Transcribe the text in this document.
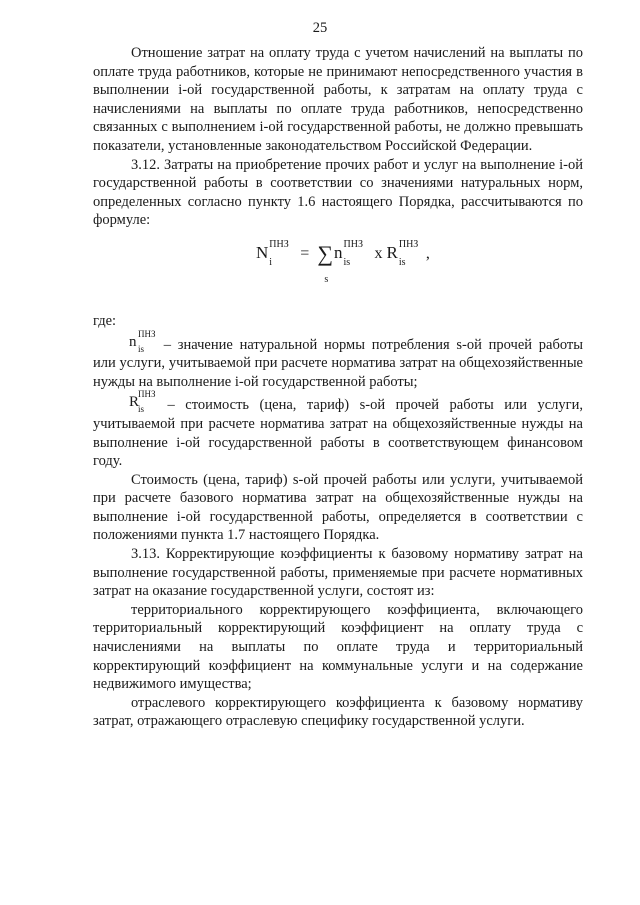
25

Отношение затрат на оплату труда с учетом начислений на выплаты по оплате труда работников, которые не принимают непосредственного участия в выполнении i-ой государственной работы, к затратам на оплату труда с начислениями на выплаты по оплате труда работников, непосредственно связанных с выполнением i-ой государственной работы, не должно превышать показатели, установленные законодательством Российской Федерации.

3.12. Затраты на приобретение прочих работ и услуг на выполнение i-ой государственной работы в соответствии со значениями натуральных норм, определенных согласно пункту 1.6 настоящего Порядка, рассчитываются по формуле:

N ПНЗ
i
= ∑
s
n ПНЗ
is
x R ПНЗ
is
,

где:

n ПНЗ
is – значение натуральной нормы потребления s-ой прочей работы или услуги, учитываемой при расчете норматива затрат на общехозяйственные нужды на выполнение i-ой государственной работы;

R
ПНЗ
is – стоимость (цена, тариф) s-ой прочей работы или услуги, учитываемой при расчете норматива затрат на общехозяйственные нужды на выполнение i-ой государственной работы в соответствующем финансовом году.

Стоимость (цена, тариф) s-ой прочей работы или услуги, учитываемой при расчете базового норматива затрат на общехозяйственные нужды на выполнение i-ой государственной работы, определяется в соответствии с положениями пункта 1.7 настоящего Порядка.

3.13. Корректирующие коэффициенты к базовому нормативу затрат на выполнение государственной работы, применяемые при расчете нормативных затрат на оказание государственной услуги, состоят из:

территориального корректирующего коэффициента, включающего территориальный корректирующий коэффициент на оплату труда с начислениями на выплаты по оплате труда и территориальный корректирующий коэффициент на коммунальные услуги и на содержание недвижимого имущества;

отраслевого корректирующего коэффициента к базовому нормативу затрат, отражающего отраслевую специфику государственной услуги.
